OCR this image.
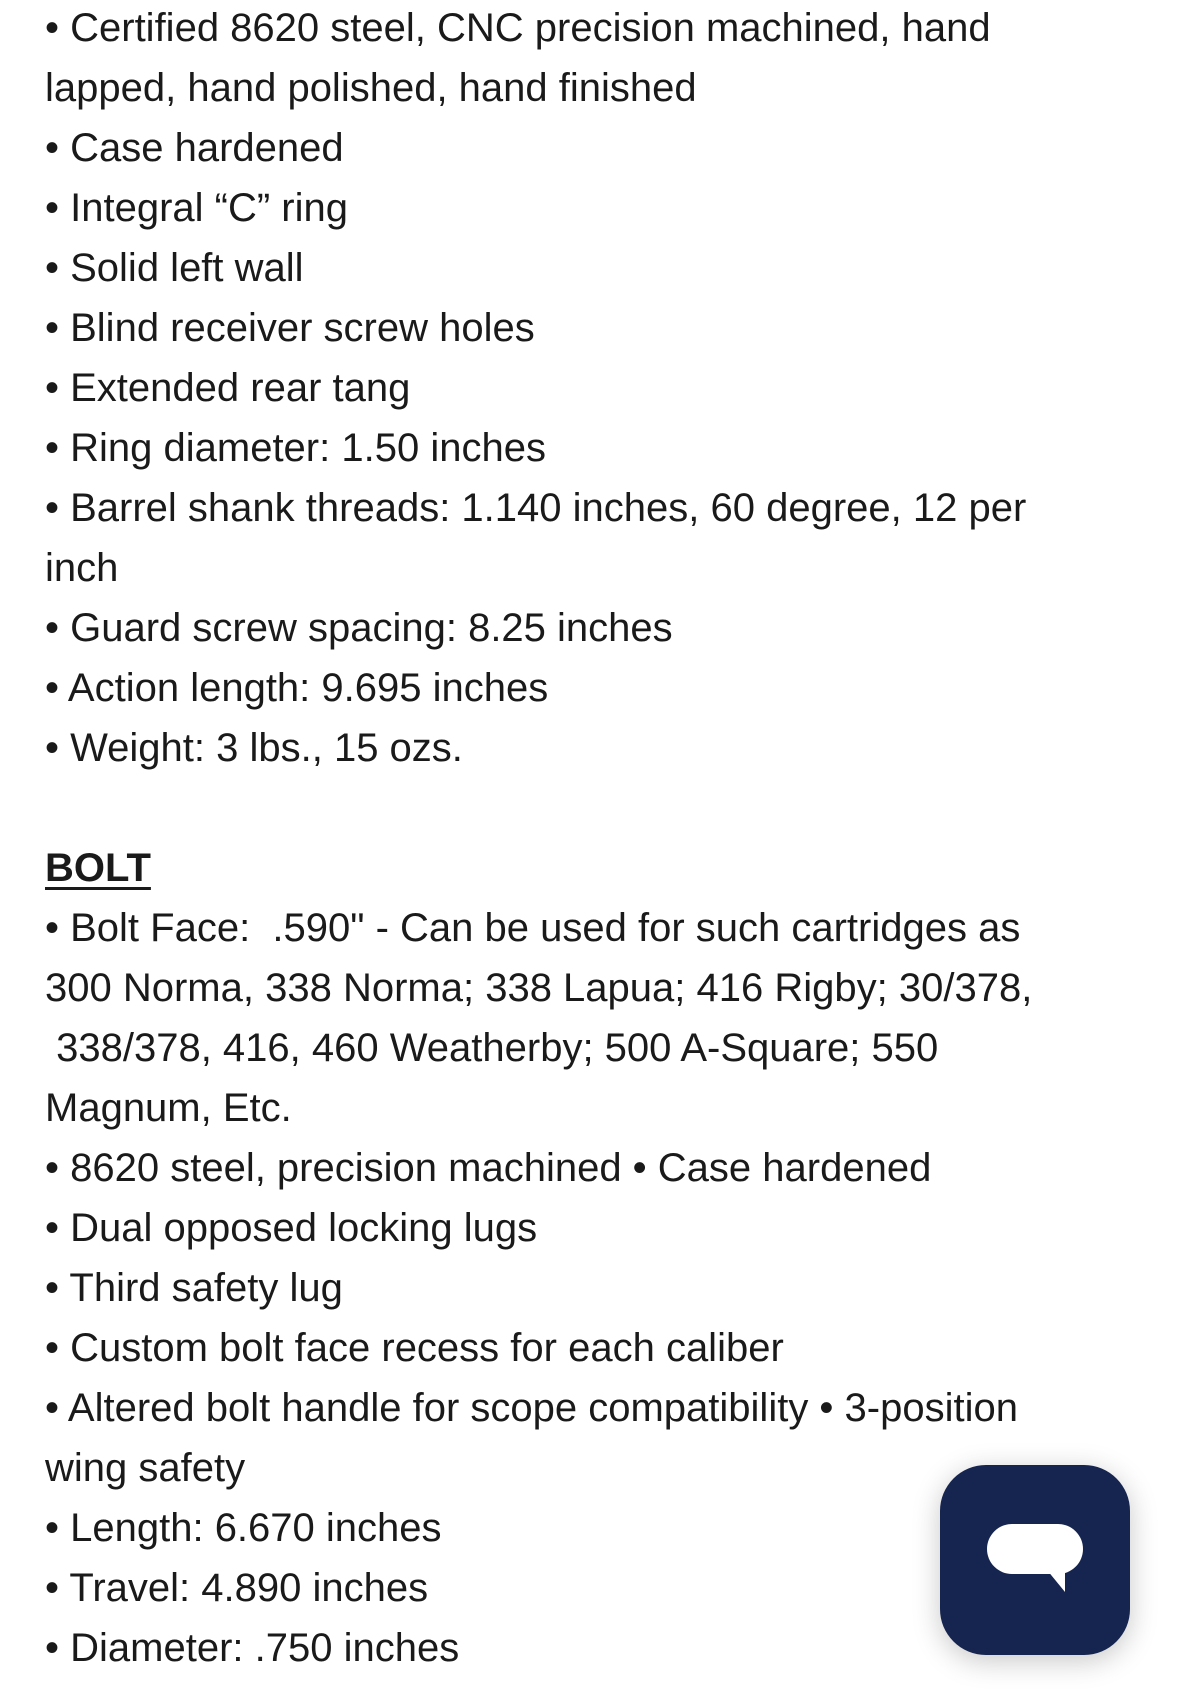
• Certified 8620 steel, CNC precision machined, hand
lapped, hand polished, hand finished
• Case hardened
• Integral “C” ring
• Solid left wall
• Blind receiver screw holes
• Extended rear tang
• Ring diameter: 1.50 inches
• Barrel shank threads: 1.140 inches, 60 degree, 12 per
inch
• Guard screw spacing: 8.25 inches
• Action length: 9.695 inches
• Weight: 3 lbs., 15 ozs.
BOLT
• Bolt Face:  .590" - Can be used for such cartridges as
300 Norma, 338 Norma; 338 Lapua; 416 Rigby; 30/378,
338/378, 416, 460 Weatherby; 500 A-Square; 550
Magnum, Etc.
• 8620 steel, precision machined • Case hardened
• Dual opposed locking lugs
• Third safety lug
• Custom bolt face recess for each caliber
• Altered bolt handle for scope compatibility • 3-position
wing safety
• Length: 6.670 inches
• Travel: 4.890 inches
• Diameter: .750 inches
